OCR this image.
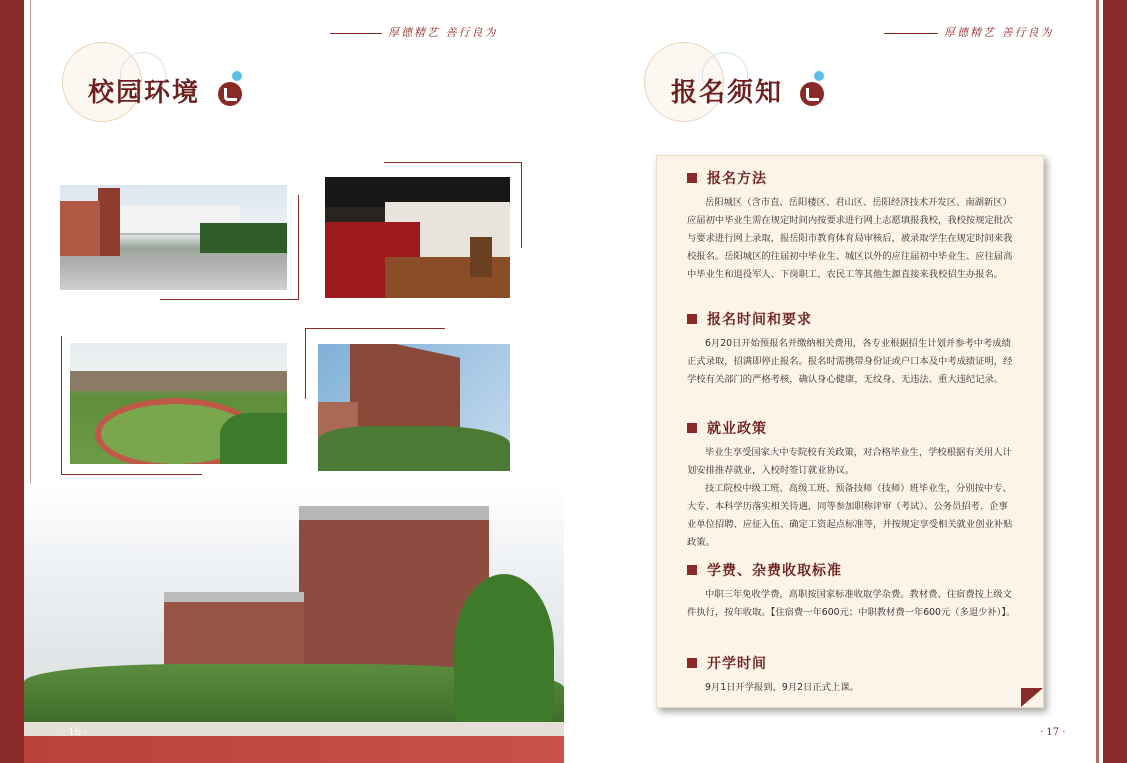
厚德精艺 善行良为
校园环境
· 16 ·
厚德精艺 善行良为
报名须知
报名方法
岳阳城区（含市直、岳阳楼区、君山区、岳阳经济技术开发区、南湖新区）应届初中毕业生需在规定时间内按要求进行网上志愿填报我校，我校按规定批次与要求进行网上录取，报岳阳市教育体育局审核后，被录取学生在规定时间来我校报名。岳阳城区的往届初中毕业生、城区以外的应往届初中毕业生、应往届高中毕业生和退役军人、下岗职工、农民工等其他生源直接来我校招生办报名。
报名时间和要求
6月20日开始预报名并缴纳相关费用，各专业根据招生计划并参考中考成绩正式录取，招满即停止报名。报名时需携带身份证或户口本及中考成绩证明，经学校有关部门的严格考核，确认身心健康，无纹身、无违法、重大违纪记录。
就业政策
毕业生享受国家大中专院校有关政策，对合格毕业生，学校根据有关用人计划安排推荐就业，入校时签订就业协议。
技工院校中级工班、高级工班、预备技师（技师）班毕业生，分别按中专、大专、本科学历落实相关待遇，同等参加职称评审（考试）、公务员招考、企事业单位招聘、应征入伍、确定工资起点标准等，并按规定享受相关就业创业补贴政策。
学费、杂费收取标准
中职三年免收学费，高职按国家标准收取学杂费。教材费、住宿费按上级文件执行，按年收取。【住宿费一年600元；中职教材费一年600元（多退少补）】。
开学时间
9月1日开学报到，9月2日正式上课。
· 17 ·
